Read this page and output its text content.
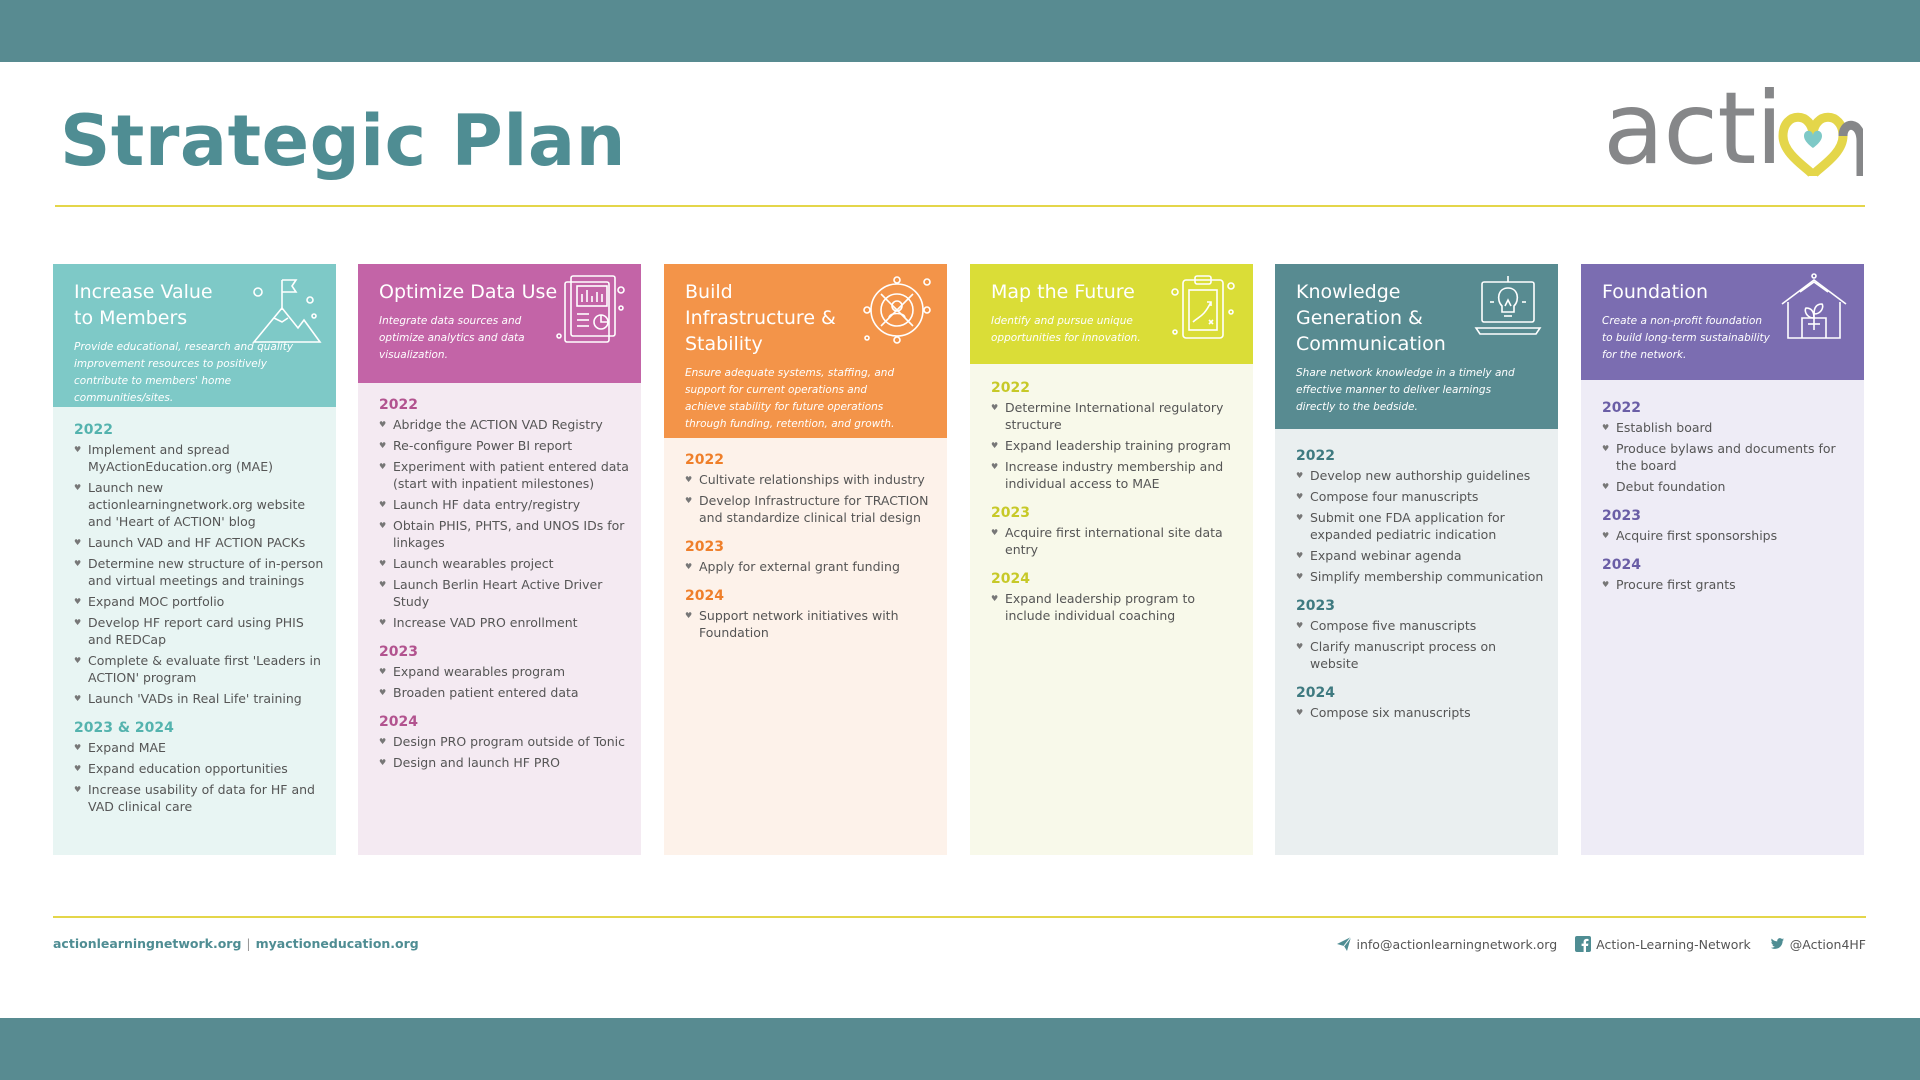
Strategic Plan	acti
Increase Value to Members

Provide educational, research and quality improvement resources to positively contribute to members' home communities/sites.

2022
♥ Implement and spread MyActionEducation.org (MAE)
♥ Launch new actionlearningnetwork.org website and 'Heart of ACTION' blog
♥ Launch VAD and HF ACTION PACKs
♥ Determine new structure of in-person and virtual meetings and trainings
♥ Expand MOC portfolio
♥ Develop HF report card using PHIS and REDCap
♥ Complete & evaluate first 'Leaders in ACTION' program
♥ Launch 'VADs in Real Life' training
2023 & 2024
♥ Expand MAE
♥ Expand education opportunities
♥ Increase usability of data for HF and VAD clinical care
Optimize Data Use

Integrate data sources and optimize analytics and data visualization.

2022
♥ Abridge the ACTION VAD Registry
♥ Re-configure Power BI report
♥ Experiment with patient entered data (start with inpatient milestones)
♥ Launch HF data entry/registry
♥ Obtain PHIS, PHTS, and UNOS IDs for linkages
♥ Launch wearables project
♥ Launch Berlin Heart Active Driver Study
♥ Increase VAD PRO enrollment
2023
♥ Expand wearables program
♥ Broaden patient entered data
2024
♥ Design PRO program outside of Tonic
♥ Design and launch HF PRO
Build Infrastructure & Stability

Ensure adequate systems, staffing, and support for current operations and achieve stability for future operations through funding, retention, and growth.

2022
♥ Cultivate relationships with industry
♥ Develop Infrastructure for TRACTION and standardize clinical trial design
2023
♥ Apply for external grant funding
2024
♥ Support network initiatives with Foundation
Map the Future

Identify and pursue unique opportunities for innovation.

2022
♥ Determine International regulatory structure
♥ Expand leadership training program
♥ Increase industry membership and individual access to MAE
2023
♥ Acquire first international site data entry
2024
♥ Expand leadership program to include individual coaching
Knowledge Generation & Communication

Share network knowledge in a timely and effective manner to deliver learnings directly to the bedside.

2022
♥ Develop new authorship guidelines
♥ Compose four manuscripts
♥ Submit one FDA application for expanded pediatric indication
♥ Expand webinar agenda
♥ Simplify membership communication
2023
♥ Compose five manuscripts
♥ Clarify manuscript process on website
2024
♥ Compose six manuscripts
Foundation

Create a non-profit foundation to build long-term sustainability for the network.

2022
♥ Establish board
♥ Produce bylaws and documents for the board
♥ Debut foundation
2023
♥ Acquire first sponsorships
2024
♥ Procure first grants
actionlearningnetwork.org | myactioneducation.org	info@actionlearningnetwork.org	Action-Learning-Network	@Action4HF
